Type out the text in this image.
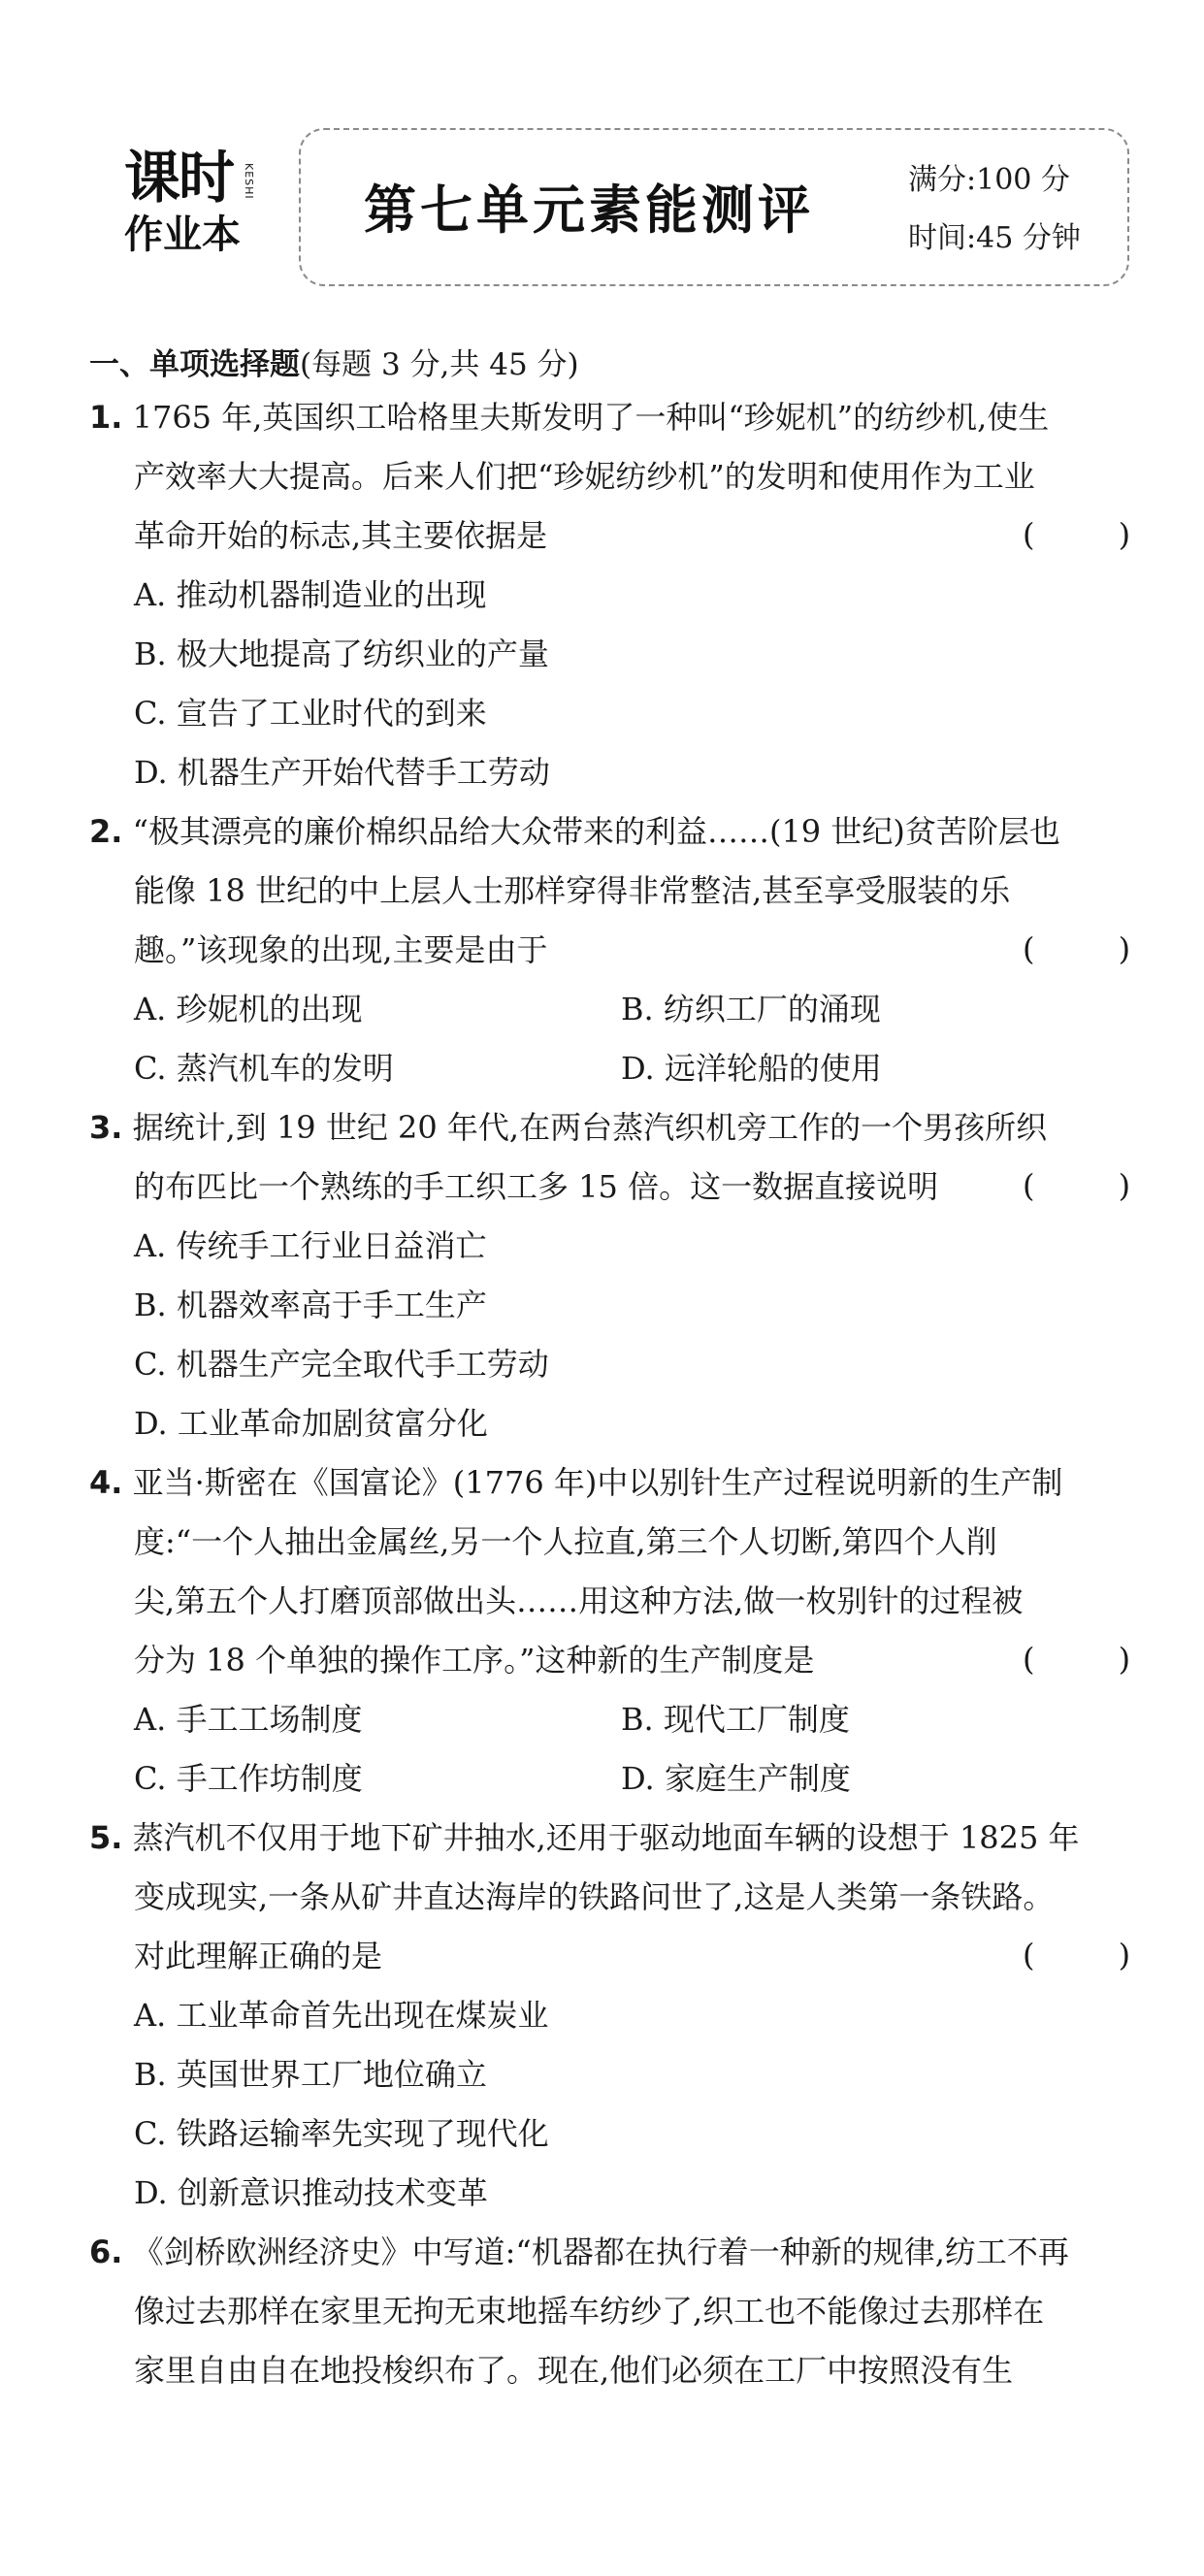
课时 KESHI
作业本	第七单元素能测评	满分:100 分
时间:45 分钟
一、单项选择题(每题 3 分,共 45 分)
1. 1765 年,英国织工哈格里夫斯发明了一种叫“珍妮机”的纺纱机,使生
产效率大大提高。后来人们把“珍妮纺纱机”的发明和使用作为工业
革命开始的标志,其主要依据是	( )
A. 推动机器制造业的出现
B. 极大地提高了纺织业的产量
C. 宣告了工业时代的到来
D. 机器生产开始代替手工劳动
2. “极其漂亮的廉价棉织品给大众带来的利益……(19 世纪)贫苦阶层也
能像 18 世纪的中上层人士那样穿得非常整洁,甚至享受服装的乐
趣。”该现象的出现,主要是由于	( )
A. 珍妮机的出现	B. 纺织工厂的涌现
C. 蒸汽机车的发明	D. 远洋轮船的使用
3. 据统计,到 19 世纪 20 年代,在两台蒸汽织机旁工作的一个男孩所织
的布匹比一个熟练的手工织工多 15 倍。这一数据直接说明	( )
A. 传统手工行业日益消亡
B. 机器效率高于手工生产
C. 机器生产完全取代手工劳动
D. 工业革命加剧贫富分化
4. 亚当·斯密在《国富论》(1776 年)中以别针生产过程说明新的生产制
度:“一个人抽出金属丝,另一个人拉直,第三个人切断,第四个人削
尖,第五个人打磨顶部做出头……用这种方法,做一枚别针的过程被
分为 18 个单独的操作工序。”这种新的生产制度是	( )
A. 手工工场制度	B. 现代工厂制度
C. 手工作坊制度	D. 家庭生产制度
5. 蒸汽机不仅用于地下矿井抽水,还用于驱动地面车辆的设想于 1825 年
变成现实,一条从矿井直达海岸的铁路问世了,这是人类第一条铁路。
对此理解正确的是	( )
A. 工业革命首先出现在煤炭业
B. 英国世界工厂地位确立
C. 铁路运输率先实现了现代化
D. 创新意识推动技术变革
6. 《剑桥欧洲经济史》中写道:“机器都在执行着一种新的规律,纺工不再
像过去那样在家里无拘无束地摇车纺纱了,织工也不能像过去那样在
家里自由自在地投梭织布了。现在,他们必须在工厂中按照没有生
